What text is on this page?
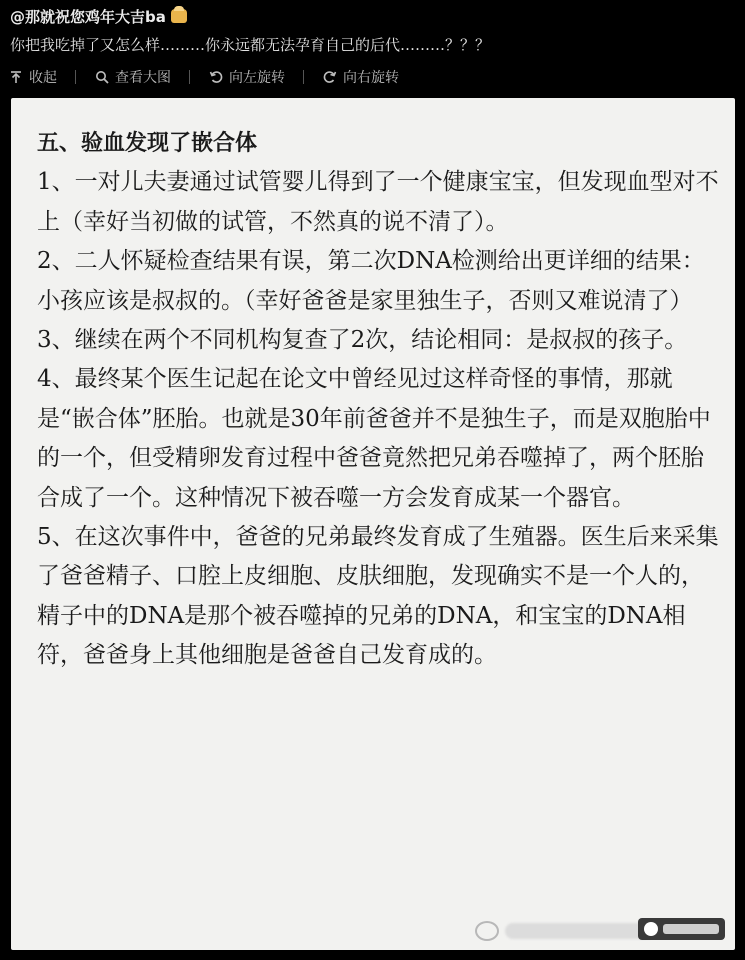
@那就祝您鸡年大吉ba
你把我吃掉了又怎么样………你永远都无法孕育自己的后代………？？？
收起	查看大图	向左旋转	向右旋转

五、验血发现了嵌合体

1、一对儿夫妻通过试管婴儿得到了一个健康宝宝，但发现血型对不上（幸好当初做的试管，不然真的说不清了）。

2、二人怀疑检查结果有误，第二次DNA检测给出更详细的结果：小孩应该是叔叔的。（幸好爸爸是家里独生子，否则又难说清了）

3、继续在两个不同机构复查了2次，结论相同：是叔叔的孩子。

4、最终某个医生记起在论文中曾经见过这样奇怪的事情，那就是“嵌合体”胚胎。也就是30年前爸爸并不是独生子，而是双胞胎中的一个，但受精卵发育过程中爸爸竟然把兄弟吞噬掉了，两个胚胎合成了一个。这种情况下被吞噬一方会发育成某一个器官。

5、在这次事件中，爸爸的兄弟最终发育成了生殖器。医生后来采集了爸爸精子、口腔上皮细胞、皮肤细胞，发现确实不是一个人的，精子中的DNA是那个被吞噬掉的兄弟的DNA，和宝宝的DNA相符，爸爸身上其他细胞是爸爸自己发育成的。
